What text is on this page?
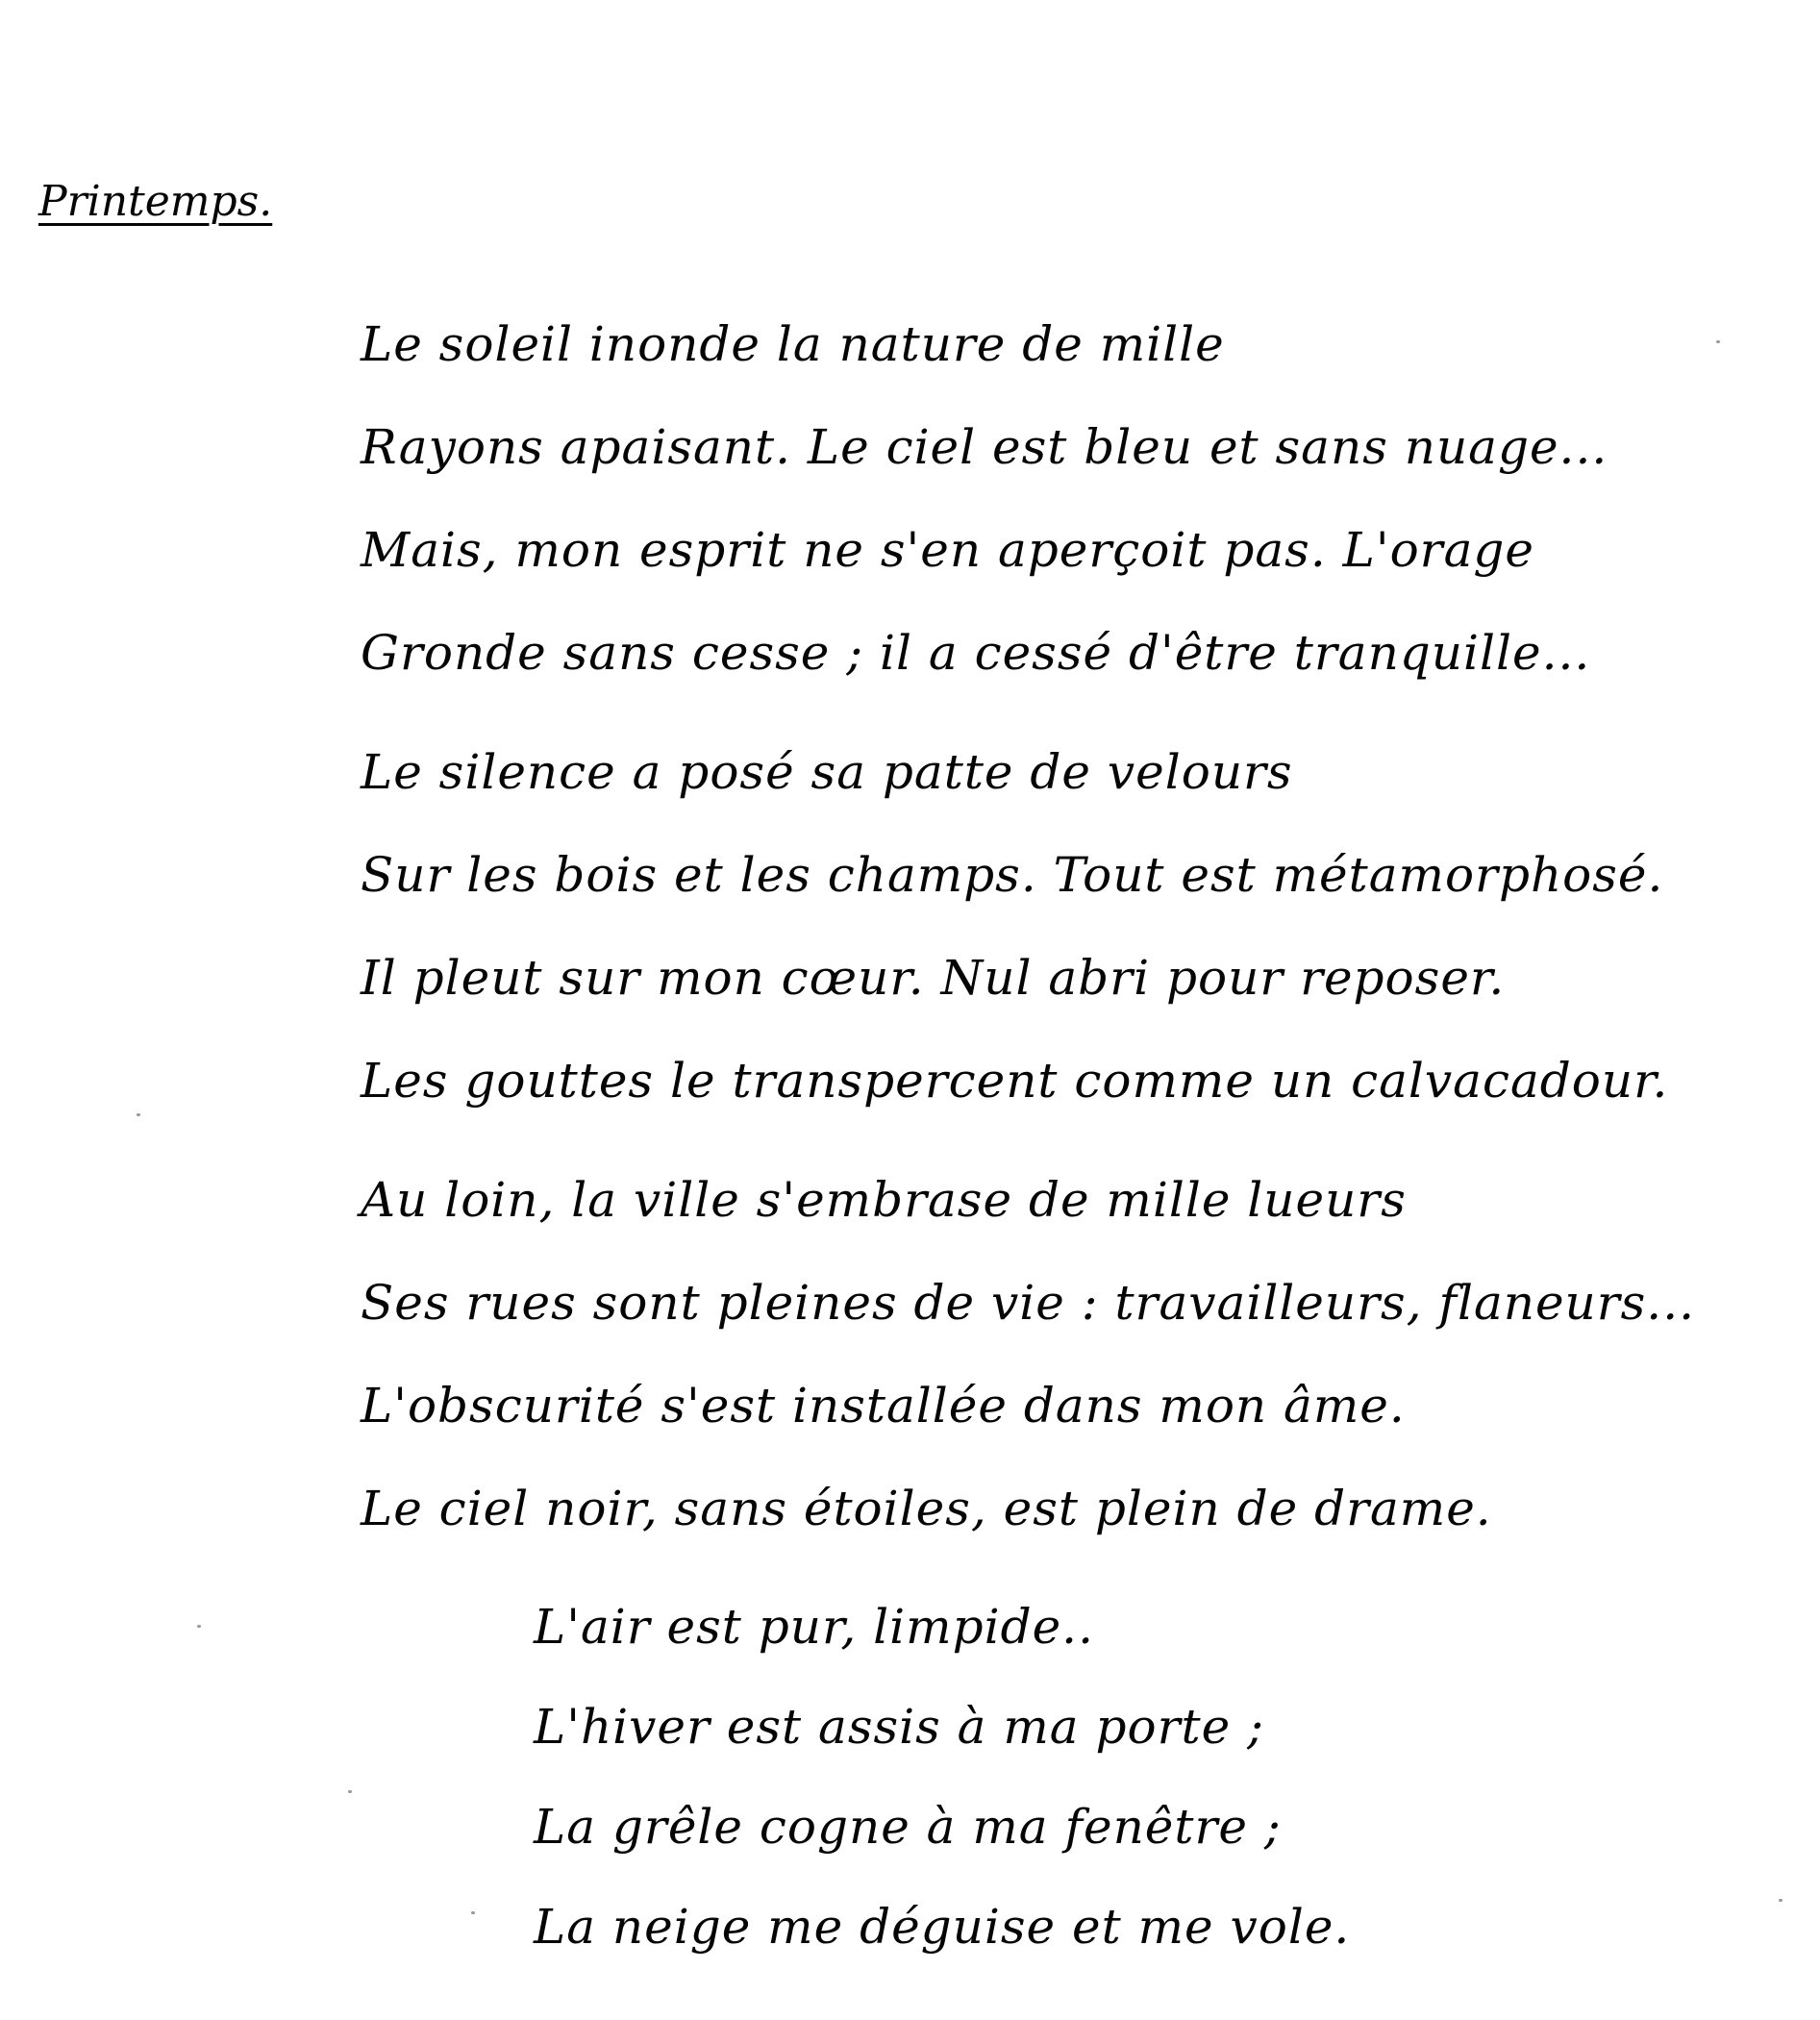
Printemps.
Le soleil inonde la nature de mille
Rayons apaisant. Le ciel est bleu et sans nuage...
Mais, mon esprit ne s'en aperçoit pas. L'orage
Gronde sans cesse ; il a cessé d'être tranquille...
Le silence a posé sa patte de velours
Sur les bois et les champs. Tout est métamorphosé.
Il pleut sur mon cœur. Nul abri pour reposer.
Les gouttes le transpercent comme un calvacadour.
Au loin, la ville s'embrase de mille lueurs
Ses rues sont pleines de vie : travailleurs, flaneurs...
L'obscurité s'est installée dans mon âme.
Le ciel noir, sans étoiles, est plein de drame.
L'air est pur, limpide..
L'hiver est assis à ma porte ;
La grêle cogne à ma fenêtre ;
La neige me déguise et me vole.
